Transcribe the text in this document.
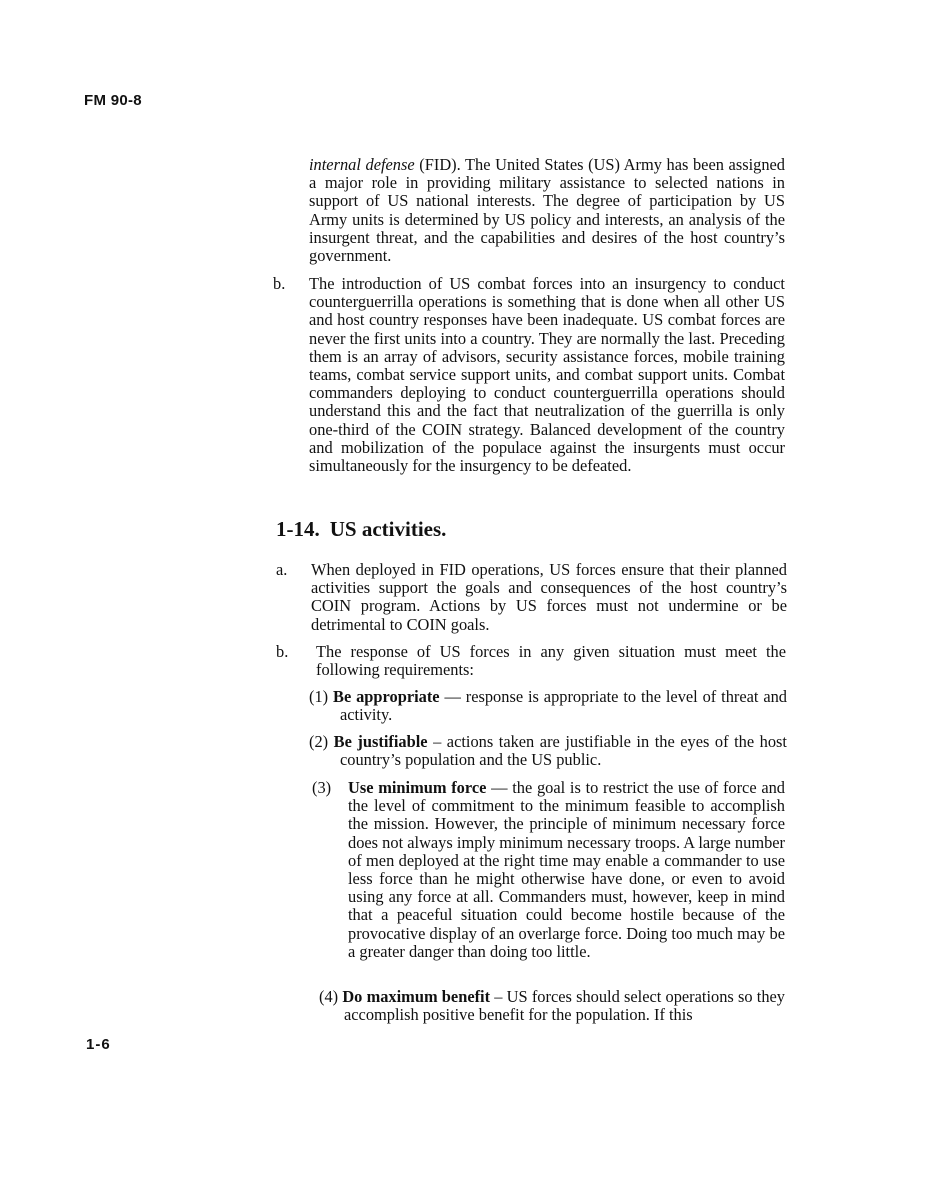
FM 90-8
internal defense (FID). The United States (US) Army has been assigned a major role in providing military assistance to selected nations in support of US national interests. The degree of participation by US Army units is determined by US policy and interests, an analysis of the insurgent threat, and the capabilities and desires of the host country’s government.
b. The introduction of US combat forces into an insurgency to conduct counterguerrilla operations is something that is done when all other US and host country responses have been inadequate. US combat forces are never the first units into a country. They are normally the last. Preceding them is an array of advisors, security assistance forces, mobile training teams, combat service support units, and combat support units. Combat commanders deploying to conduct counterguerrilla operations should understand this and the fact that neutralization of the guerrilla is only one-third of the COIN strategy. Balanced development of the country and mobilization of the populace against the insurgents must occur simultaneously for the insurgency to be defeated.
1-14. US activities.
a. When deployed in FID operations, US forces ensure that their planned activities support the goals and consequences of the host country’s COIN program. Actions by US forces must not undermine or be detrimental to COIN goals.
b. The response of US forces in any given situation must meet the following requirements:
(1) Be appropriate — response is appropriate to the level of threat and activity.
(2) Be justifiable – actions taken are justifiable in the eyes of the host country’s population and the US public.
(3) Use minimum force — the goal is to restrict the use of force and the level of commitment to the minimum feasible to accomplish the mission. However, the principle of minimum necessary force does not always imply minimum necessary troops. A large number of men deployed at the right time may enable a commander to use less force than he might otherwise have done, or even to avoid using any force at all. Commanders must, however, keep in mind that a peaceful situation could become hostile because of the provocative display of an overlarge force. Doing too much may be a greater danger than doing too little.
(4) Do maximum benefit – US forces should select operations so they accomplish positive benefit for the population. If this
1-6
